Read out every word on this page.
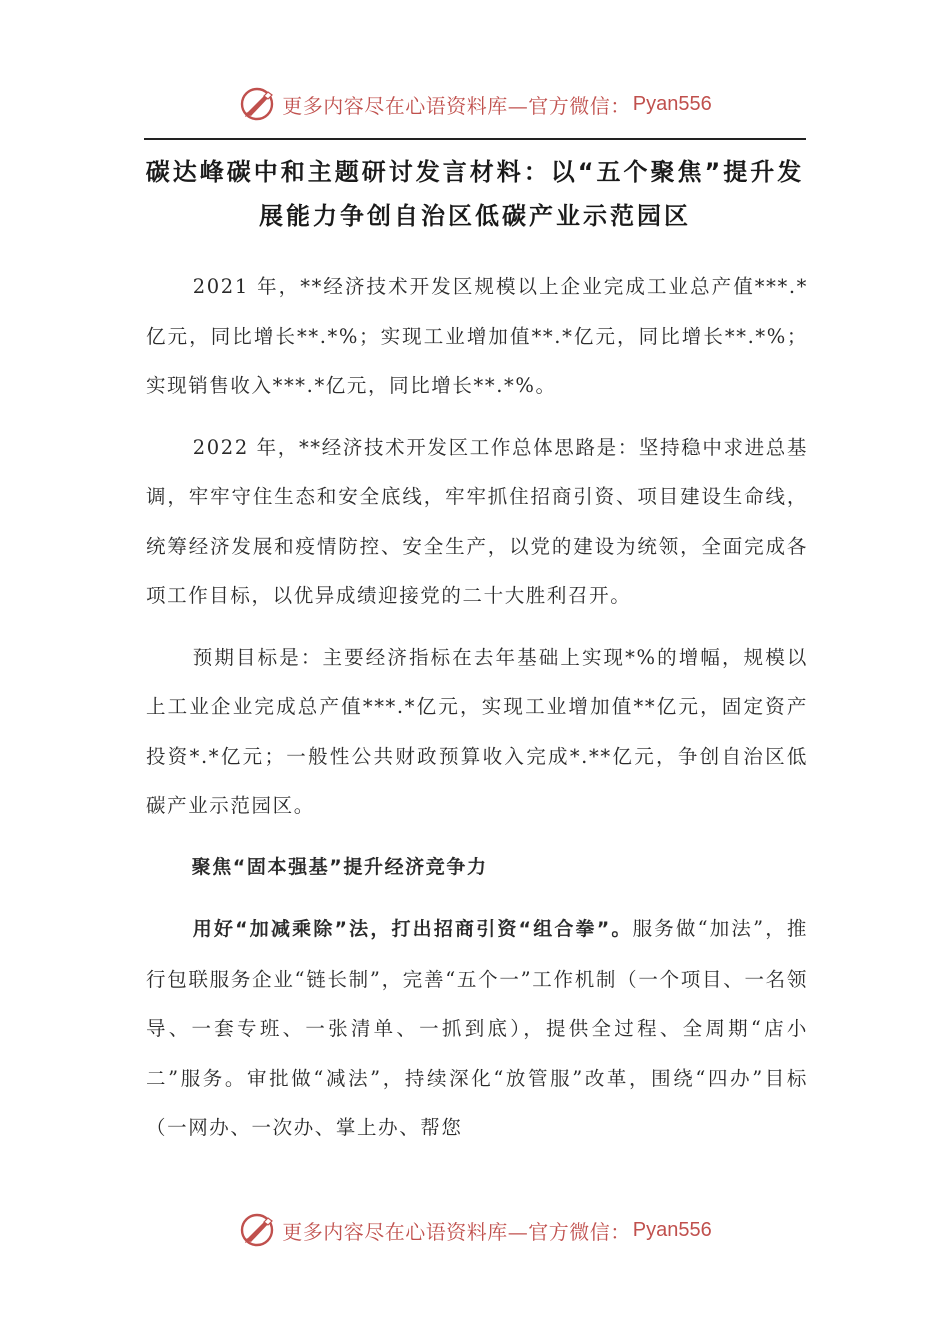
更多内容尽在心语资料库—官方微信： Pyan556
碳达峰碳中和主题研讨发言材料：以“五个聚焦”提升发
展能力争创自治区低碳产业示范园区

2021 年，**经济技术开发区规模以上企业完成工业总产值***.*亿元，同比增长**.*%；实现工业增加值**.*亿元，同比增长**.*%；实现销售收入***.*亿元，同比增长**.*%。

2022 年，**经济技术开发区工作总体思路是：坚持稳中求进总基调，牢牢守住生态和安全底线，牢牢抓住招商引资、项目建设生命线，统筹经济发展和疫情防控、安全生产，以党的建设为统领，全面完成各项工作目标，以优异成绩迎接党的二十大胜利召开。

预期目标是：主要经济指标在去年基础上实现*%的增幅，规模以上工业企业完成总产值***.*亿元，实现工业增加值**亿元，固定资产投资*.*亿元；一般性公共财政预算收入完成*.**亿元，争创自治区低碳产业示范园区。

聚焦“固本强基”提升经济竞争力

用好“加减乘除”法，打出招商引资“组合拳”。服务做“加法”，推行包联服务企业“链长制”，完善“五个一”工作机制（一个项目、一名领导、一套专班、一张清单、一抓到底），提供全过程、全周期“店小二”服务。审批做“减法”，持续深化“放管服”改革，围绕“四办”目标（一网办、一次办、掌上办、帮您

更多内容尽在心语资料库—官方微信： Pyan556
